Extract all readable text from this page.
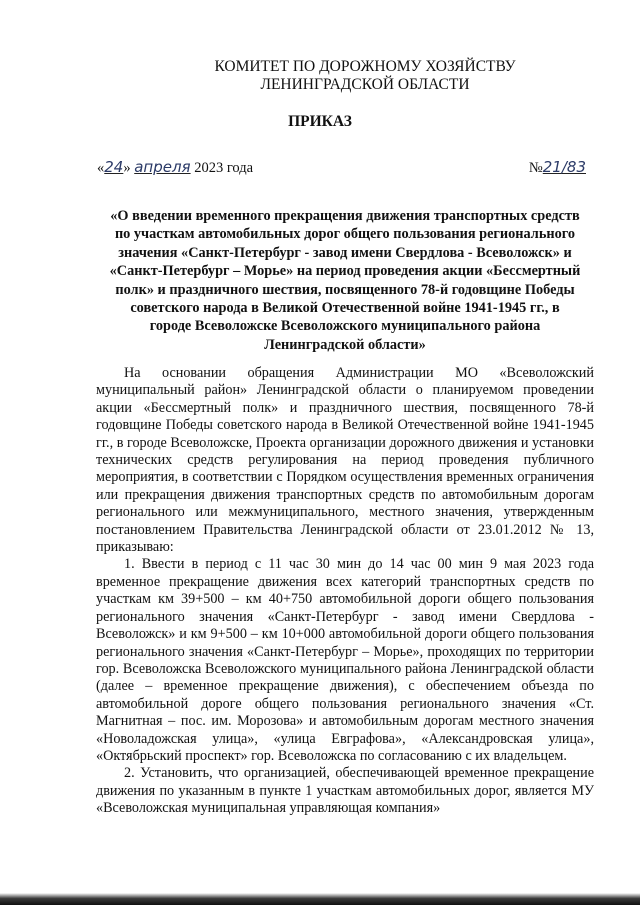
КОМИТЕТ ПО ДОРОЖНОМУ ХОЗЯЙСТВУ
ЛЕНИНГРАДСКОЙ ОБЛАСТИ
ПРИКАЗ
«24» апреля 2023 года	№21/83
«О введении временного прекращения движения транспортных средств
по участкам автомобильных дорог общего пользования регионального
значения «Санкт-Петербург - завод имени Свердлова - Всеволожск» и
«Санкт-Петербург – Морье» на период проведения акции «Бессмертный
полк» и праздничного шествия, посвященного 78-й годовщине Победы
советского народа в Великой Отечественной войне 1941-1945 гг., в
городе Всеволожске Всеволожского муниципального района
Ленинградской области»

На основании обращения Администрации МО «Всеволожский муниципальный район» Ленинградской области о планируемом проведении акции «Бессмертный полк» и праздничного шествия, посвященного 78-й годовщине Победы советского народа в Великой Отечественной войне 1941-1945 гг., в городе Всеволожске, Проекта организации дорожного движения и установки технических средств регулирования на период проведения публичного мероприятия, в соответствии с Порядком осуществления временных ограничения или прекращения движения транспортных средств по автомобильным дорогам регионального или межмуниципального, местного значения, утвержденным постановлением Правительства Ленинградской области от 23.01.2012 № 13, приказываю:

1. Ввести в период с 11 час 30 мин до 14 час 00 мин 9 мая 2023 года временное прекращение движения всех категорий транспортных средств по участкам км 39+500 – км 40+750 автомобильной дороги общего пользования регионального значения «Санкт-Петербург - завод имени Свердлова - Всеволожск» и км 9+500 – км 10+000 автомобильной дороги общего пользования регионального значения «Санкт-Петербург – Морье», проходящих по территории гор. Всеволожска Всеволожского муниципального района Ленинградской области (далее – временное прекращение движения), с обеспечением объезда по автомобильной дороге общего пользования регионального значения «Ст. Магнитная – пос. им. Морозова» и автомобильным дорогам местного значения «Новоладожская улица», «улица Евграфова», «Александровская улица», «Октябрьский проспект» гор. Всеволожска по согласованию с их владельцем.

2. Установить, что организацией, обеспечивающей временное прекращение движения по указанным в пункте 1 участкам автомобильных дорог, является МУ «Всеволожская муниципальная управляющая компания»
